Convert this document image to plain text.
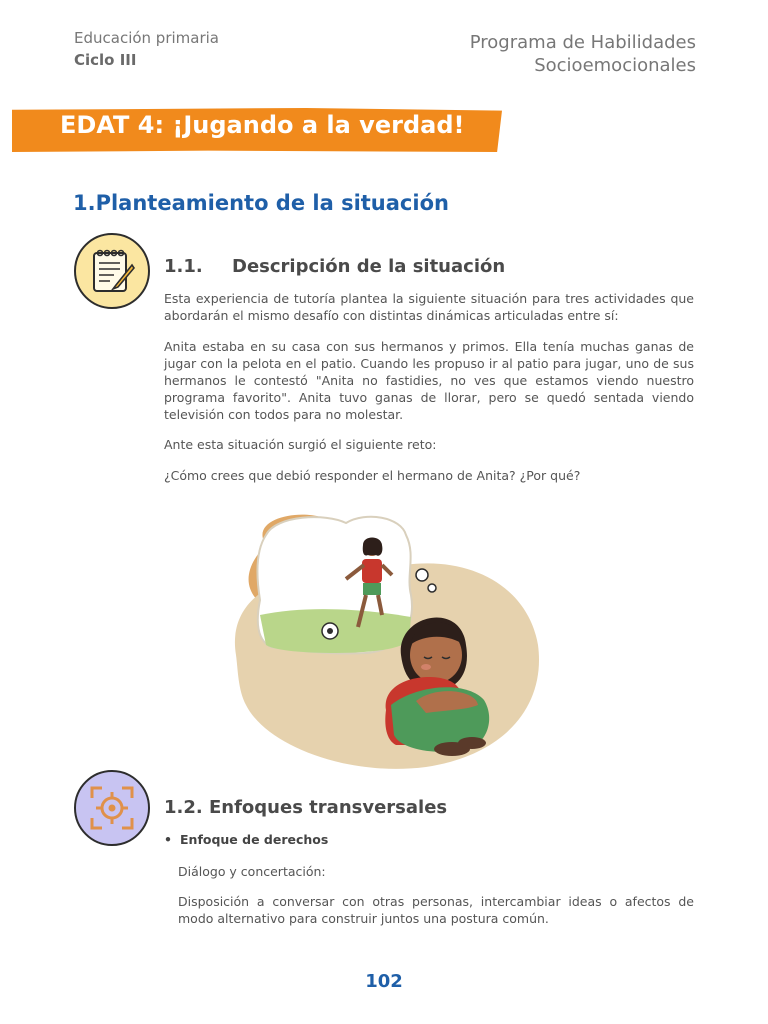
Educación primaria
Ciclo III
Programa de Habilidades
Socioemocionales
EDAT 4: ¡Jugando a la verdad!
1.Planteamiento de la situación
1.1. Descripción de la situación
Esta experiencia de tutoría plantea la siguiente situación para tres actividades que abordarán el mismo desafío con distintas dinámicas articuladas entre sí:
Anita estaba en su casa con sus hermanos y primos. Ella tenía muchas ganas de jugar con la pelota en el patio. Cuando les propuso ir al patio para jugar, uno de sus hermanos le contestó "Anita no fastidies, no ves que estamos viendo nuestro programa favorito". Anita tuvo ganas de llorar, pero se quedó sentada viendo televisión con todos para no molestar.
Ante esta situación surgió el siguiente reto:
¿Cómo crees que debió responder el hermano de Anita? ¿Por qué?
1.2. Enfoques transversales
• Enfoque de derechos
Diálogo y concertación:
Disposición a conversar con otras personas, intercambiar ideas o afectos de modo alternativo para construir juntos una postura común.
102
